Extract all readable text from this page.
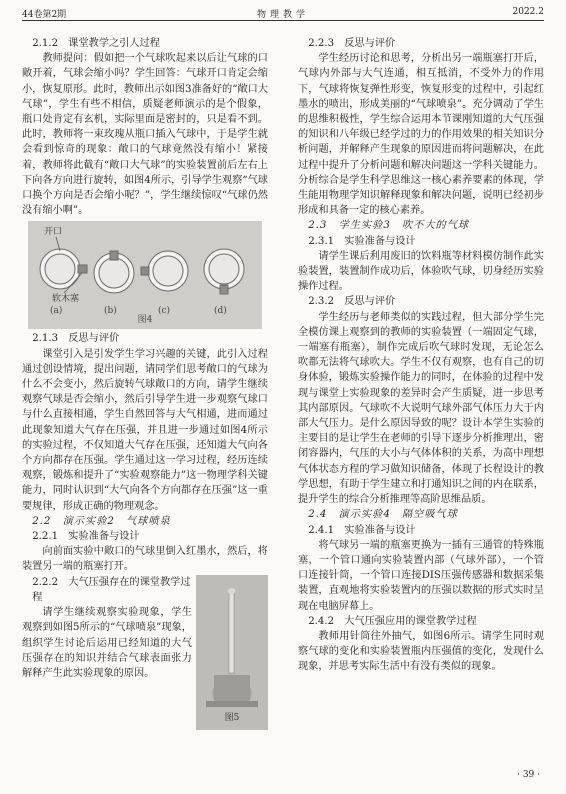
44卷第2期	物理教学	2022.2
2.1.2　课堂教学之引人过程

教师提问：假如把一个气球吹起来以后让气球的口敞开着，气球会缩小吗？学生回答：气球开口肯定会缩小，恢复原形。此时，教师出示如图3准备好的“敞口大气球”，学生有些不相信，质疑老师演示的是个假象，瓶口处肯定有玄机，实际里面是密封的，只是看不到。此时，教师将一束玫瑰从瓶口插入气球中，于是学生就会看到惊奇的现象：敞口的气球竟然没有缩小！紧接着，教师将此截有“敞口大气球”的实验装置前后左右上下向各方向进行旋转，如图4所示，引导学生观察“气球口换个方向是否会缩小呢？”，学生继续惊叹“气球仍然没有缩小啊”。

开口
软木塞
(a)	(b)	(c)	(d)
图4
2.1.3　反思与评价

课堂引入是引发学生学习兴趣的关键，此引入过程通过创设情境，提出问题，请同学们思考敞口的气球为什么不会变小，然后旋转气球敞口的方向，请学生继续观察气球是否会缩小，然后引导学生进一步观察气球口与什么直接相通，学生自然回答与大气相通，进而通过此现象知道大气存在压强，并且进一步通过如图4所示的实验过程，不仅知道大气存在压强，还知道大气向各个方向都存在压强。学生通过这一学习过程，经历连续观察，锻炼和提升了“实验观察能力”这一物理学科关键能力，同时认识到“大气向各个方向都存在压强”这一重要规律，形成正确的物理观念。

2.2　演示实验2　气球喷泉
2.2.1　实验准备与设计

向前面实验中敞口的气球里倒入红墨水，然后，将装置另一端的瓶塞打开。

图5
2.2.2　大气压强存在的课堂教学过程

请学生继续观察实验现象，学生观察到如图5所示的“气球喷泉”现象，组织学生讨论后运用已经知道的大气压强存在的知识并结合气球表面张力解释产生此实验现象的原因。

2.2.3　反思与评价

学生经历讨论和思考，分析出另一端瓶塞打开后，气球内外部与大气连通，相互抵消，不受外力的作用下，气球将恢复弹性形变，恢复形变的过程中，引起红墨水的喷出，形成美丽的“气球喷泉”。充分调动了学生的思维积极性，学生综合运用本节课刚知道的大气压强的知识和八年级已经学过的力的作用效果的相关知识分析问题，并解释产生现象的原因进而将问题解决，在此过程中提升了分析问题和解决问题这一学科关键能力。分析综合是学生科学思维这一核心素养要素的体现，学生能用物理学知识解释现象和解决问题，说明已经初步形成和具备一定的核心素养。

2.3　学生实验3　吹不大的气球
2.3.1　实验准备与设计

请学生课后利用废旧的饮料瓶等材料模仿制作此实验装置，装置制作成功后，体验吹气球，切身经历实验操作过程。

2.3.2　反思与评价

学生经历与老师类似的实践过程，但大部分学生完全模仿课上观察到的教师的实验装置（一端固定气球，一端塞有瓶塞），制作完成后吹气球时发现，无论怎么吹都无法将气球吹大。学生不仅有观察，也有自己的切身体验，锻炼实验操作能力的同时，在体验的过程中发现与课堂上实验现象的差异时会产生质疑，进一步思考其内部原因。气球吹不大说明气球外部气体压力大于内部大气压力。是什么原因导致的呢？设计本学生实验的主要目的是让学生在老师的引导下逐步分析推理出，密闭容器内，气压的大小与气体体积的关系，为高中理想气体状态方程的学习做知识储备，体现了长程设计的教学思想，有助于学生建立和打通知识之间的内在联系，提升学生的综合分析推理等高阶思维品质。

2.4　演示实验4　隔空吸气球
2.4.1　实验准备与设计

将气球另一端的瓶塞更换为一插有三通管的特殊瓶塞，一个管口通向实验装置内部（气球外部），一个管口连接针筒，一个管口连接DIS压强传感器和数据采集装置，直观地将实验装置内的压强以数据的形式实时呈现在电脑屏幕上。

2.4.2　大气压强应用的课堂教学过程

教师用针筒往外抽气，如图6所示。请学生同时观察气球的变化和实验装置瓶内压强值的变化，发现什么现象，并思考实际生活中有没有类似的现象。

· 39 ·
